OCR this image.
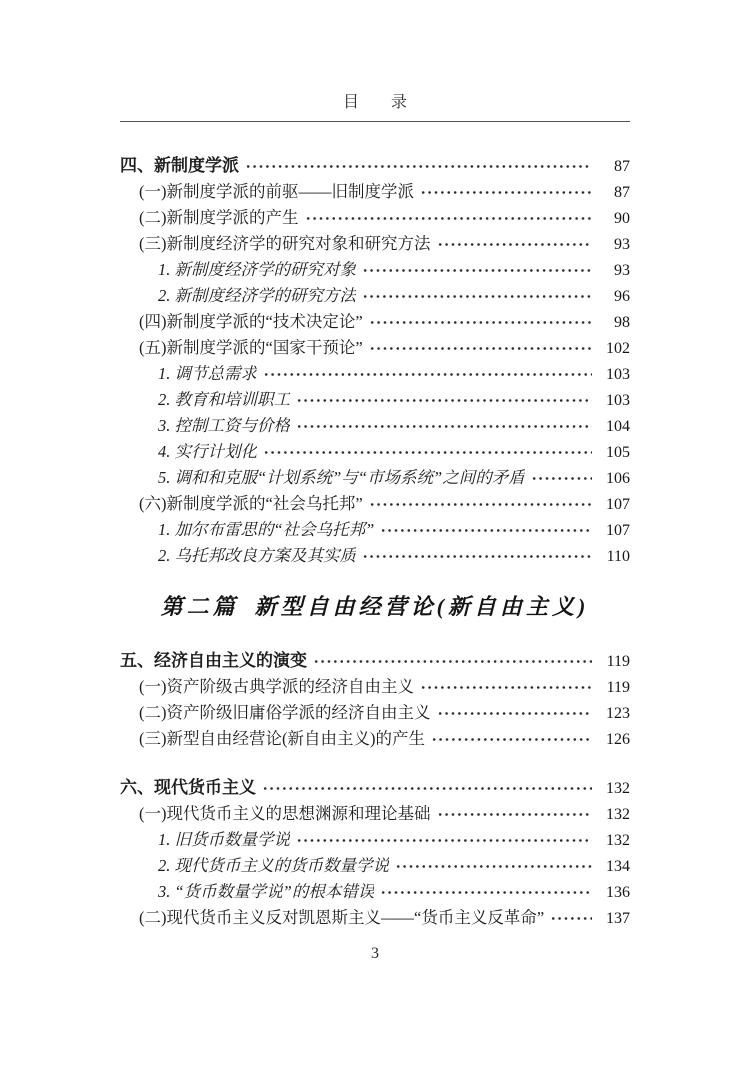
目　　录
四、新制度学派	87
(一)新制度学派的前驱——旧制度学派	87
(二)新制度学派的产生	90
(三)新制度经济学的研究对象和研究方法	93
1. 新制度经济学的研究对象	93
2. 新制度经济学的研究方法	96
(四)新制度学派的“技术决定论”	98
(五)新制度学派的“国家干预论”	102
1. 调节总需求	103
2. 教育和培训职工	103
3. 控制工资与价格	104
4. 实行计划化	105
5. 调和和克服“计划系统”与“市场系统”之间的矛盾	106
(六)新制度学派的“社会乌托邦”	107
1. 加尔布雷思的“社会乌托邦”	107
2. 乌托邦改良方案及其实质	110
第二篇 新型自由经营论(新自由主义)
五、经济自由主义的演变	119
(一)资产阶级古典学派的经济自由主义	119
(二)资产阶级旧庸俗学派的经济自由主义	123
(三)新型自由经营论(新自由主义)的产生	126
六、现代货币主义	132
(一)现代货币主义的思想渊源和理论基础	132
1. 旧货币数量学说	132
2. 现代货币主义的货币数量学说	134
3. “货币数量学说”的根本错误	136
(二)现代货币主义反对凯恩斯主义——“货币主义反革命”	137
3
